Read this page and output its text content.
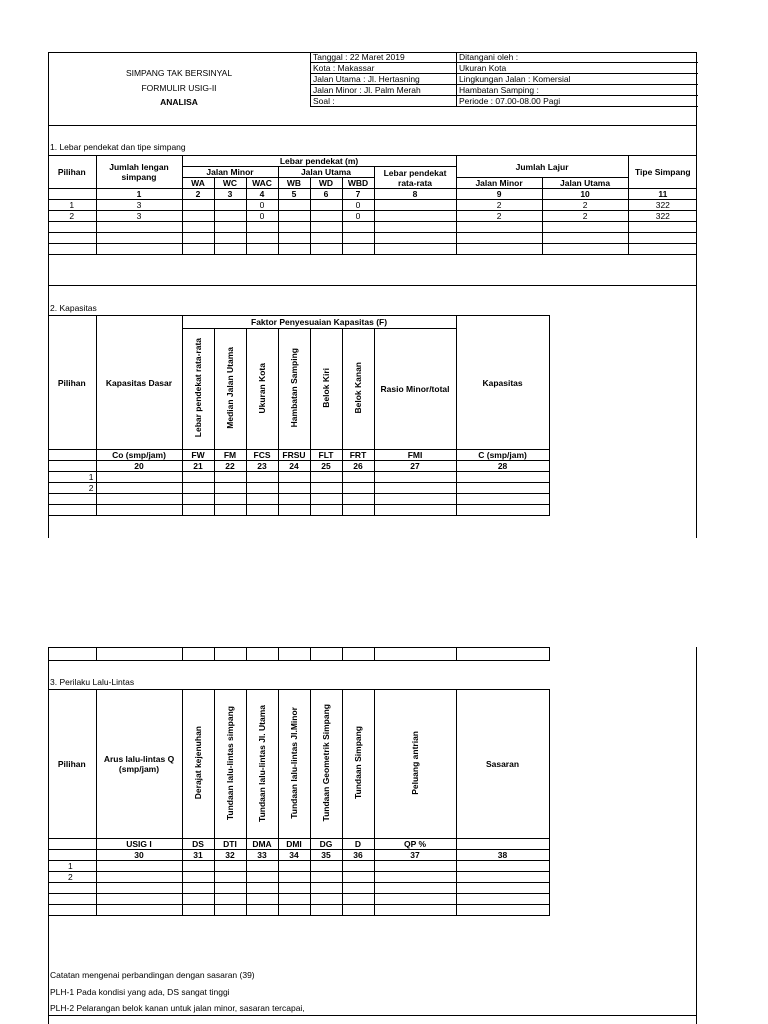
SIMPANG TAK BERSINYAL
FORMULIR USIG-II
ANALISA
Tanggal : 22 Maret 2019	Ditangani oleh :
Kota : Makassar	Ukuran Kota
Jalan Utama : Jl. Hertasning	Lingkungan Jalan : Komersial
Jalan Minor : Jl. Palm Merah	Hambatan Samping :
Soal :	Periode : 07.00-08.00 Pagi
1. Lebar pendekat dan tipe simpang
Pilihan	Jumlah lengan simpang	Lebar pendekat (m)							Jumlah Lajur		Tipe Simpang
		Jalan Minor			Jalan Utama			Lebar pendekat rata-rata			
		WA	WC	WAC	WB	WD	WBD		Jalan Minor	Jalan Utama	
	1	2	3	4	5	6	7	8	9	10	11
1	3			0			0		2	2	322
2	3			0			0		2	2	322

2. Kapasitas
Pilihan	Kapasitas Dasar	Faktor Penyesuaian Kapasitas (F)							Kapasitas
		Lebar pendekat rata-rata	Median Jalan Utama	Ukuran Kota	Hambatan Samping	Belok Kiri	Belok Kanan	Rasio Minor/total	
	Co (smp/jam)	FW	FM	FCS	FRSU	FLT	FRT	FMI	C (smp/jam)
	20	21	22	23	24	25	26	27	28
1									
2									

3. Perilaku Lalu-Lintas
Pilihan	Arus lalu-lintas Q (smp/jam)	Derajat kejenuhan	Tundaan lalu-lintas simpang	Tundaan lalu-lintas Jl. Utama	Tundaan lalu-lintas Jl.Minor	Tundaan Geometrik Simpang	Tundaan Simpang	Peluang antrian	Sasaran
	USIG I	DS	DTI	DMA	DMI	DG	D	QP %	
	30	31	32	33	34	35	36	37	38
1									
2									

Catatan mengenai perbandingan dengan sasaran (39)
PLH-1 Pada kondisi yang ada, DS sangat tinggi
PLH-2 Pelarangan belok kanan untuk jalan minor, sasaran tercapai,
